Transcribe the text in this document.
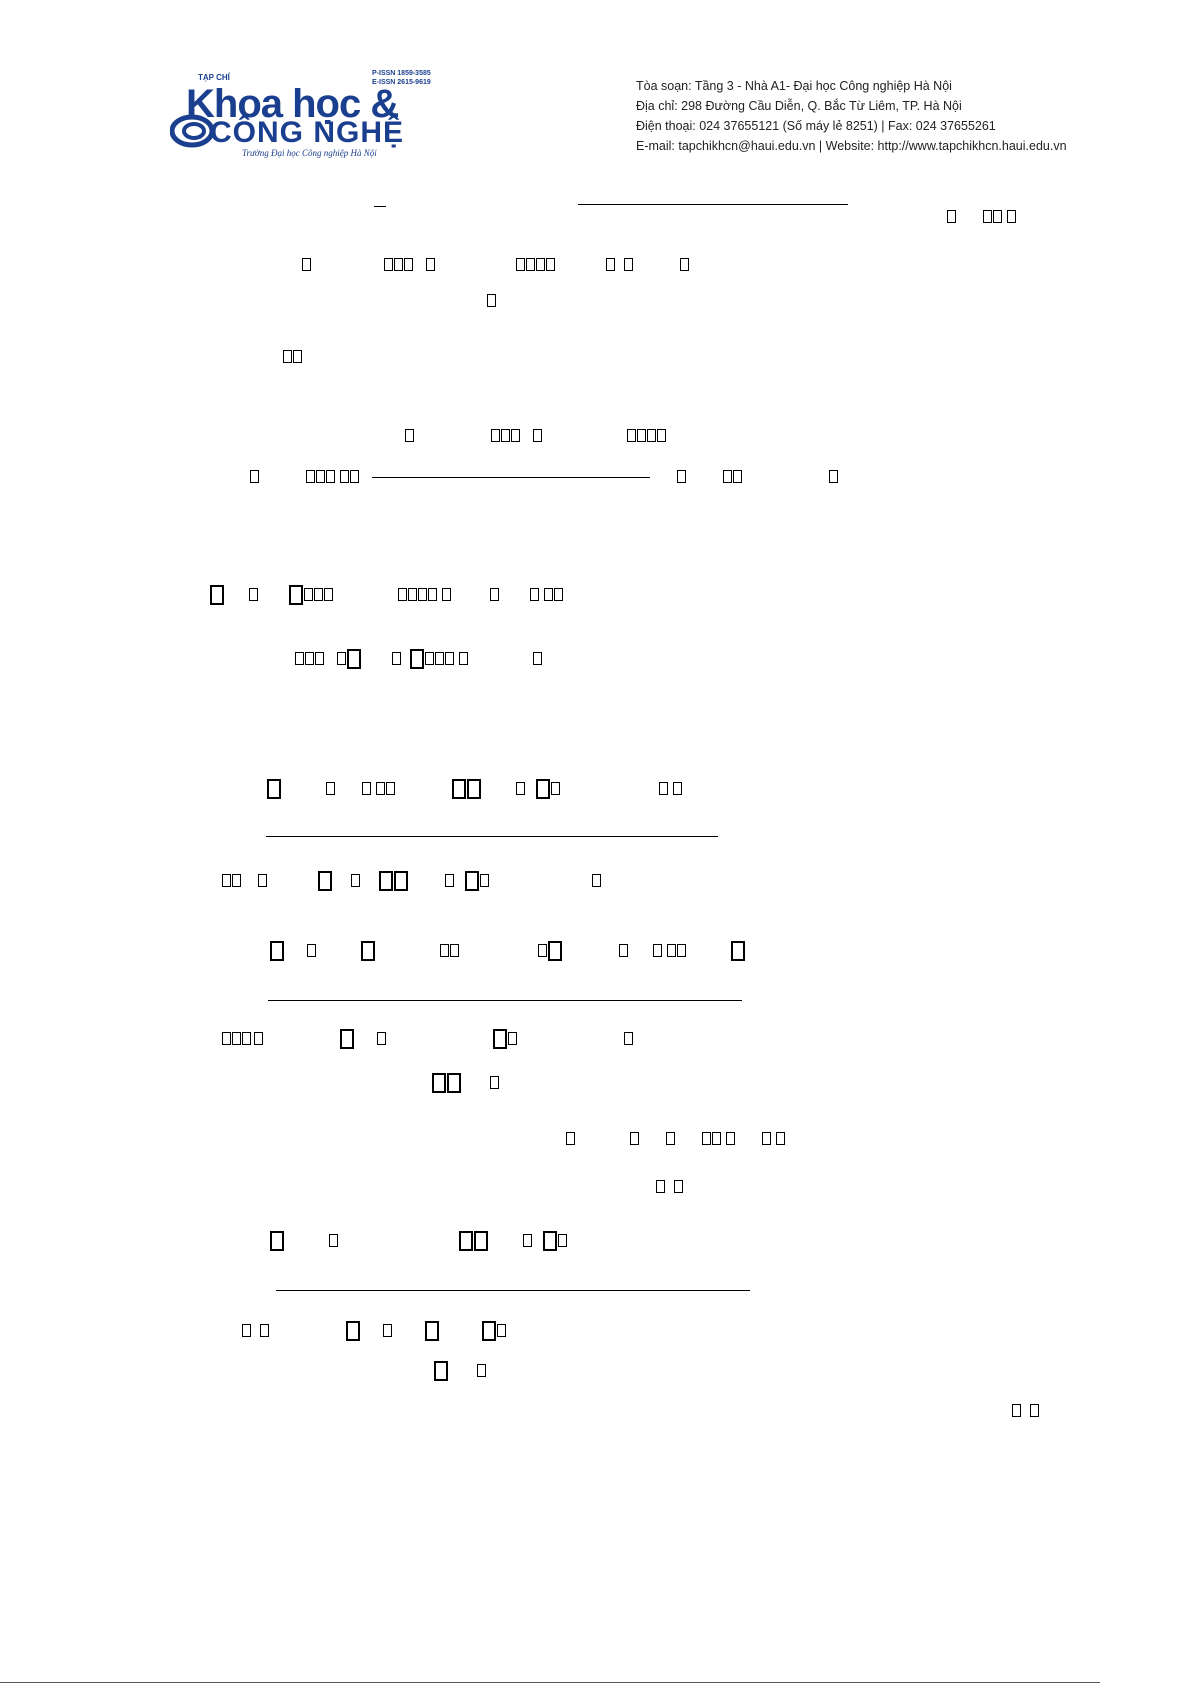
P-ISSN 1859-3585
E-ISSN 2615-9619
TẠP CHÍ
Khoa học &
CÔNG NGHỆ
Trường Đại học Công nghiệp Hà Nội
Tòa soạn: Tầng 3 - Nhà A1- Đại học Công nghiệp Hà Nội
Địa chỉ: 298 Đường Cầu Diễn, Q. Bắc Từ Liêm, TP. Hà Nội
Điện thoại: 024 37655121 (Số máy lẻ 8251) | Fax: 024 37655261
E-mail: tapchikhcn@haui.edu.vn | Website: http://www.tapchikhcn.haui.edu.vn
